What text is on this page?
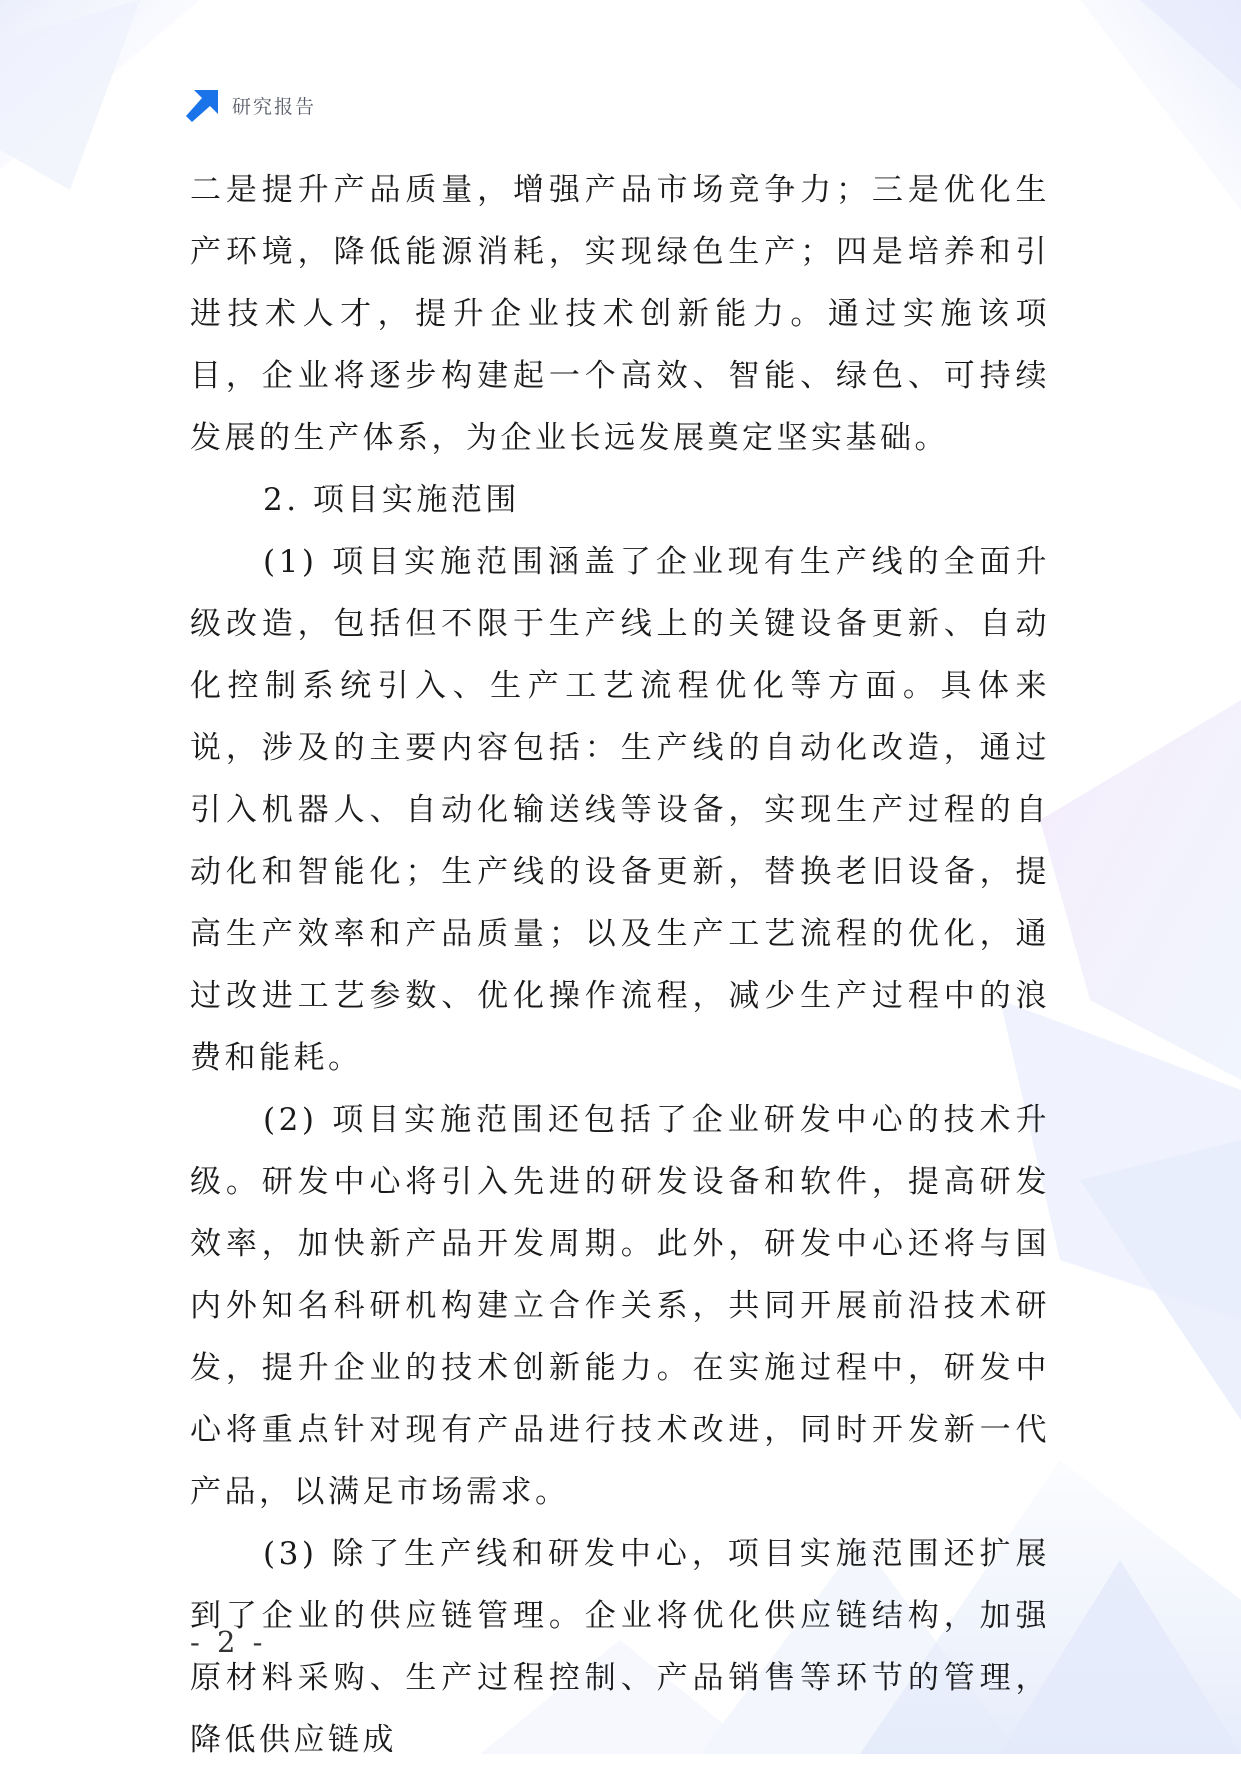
研究报告

二是提升产品质量，增强产品市场竞争力；三是优化生产环境，降低能源消耗，实现绿色生产；四是培养和引进技术人才，提升企业技术创新能力。通过实施该项目，企业将逐步构建起一个高效、智能、绿色、可持续发展的生产体系，为企业长远发展奠定坚实基础。

2. 项目实施范围

(1) 项目实施范围涵盖了企业现有生产线的全面升级改造，包括但不限于生产线上的关键设备更新、自动化控制系统引入、生产工艺流程优化等方面。具体来说，涉及的主要内容包括：生产线的自动化改造，通过引入机器人、自动化输送线等设备，实现生产过程的自动化和智能化；生产线的设备更新，替换老旧设备，提高生产效率和产品质量；以及生产工艺流程的优化，通过改进工艺参数、优化操作流程，减少生产过程中的浪费和能耗。

(2) 项目实施范围还包括了企业研发中心的技术升级。研发中心将引入先进的研发设备和软件，提高研发效率，加快新产品开发周期。此外，研发中心还将与国内外知名科研机构建立合作关系，共同开展前沿技术研发，提升企业的技术创新能力。在实施过程中，研发中心将重点针对现有产品进行技术改进，同时开发新一代产品，以满足市场需求。

(3) 除了生产线和研发中心，项目实施范围还扩展到了企业的供应链管理。企业将优化供应链结构，加强原材料采购、生产过程控制、产品销售等环节的管理，降低供应链成

- 2 -
